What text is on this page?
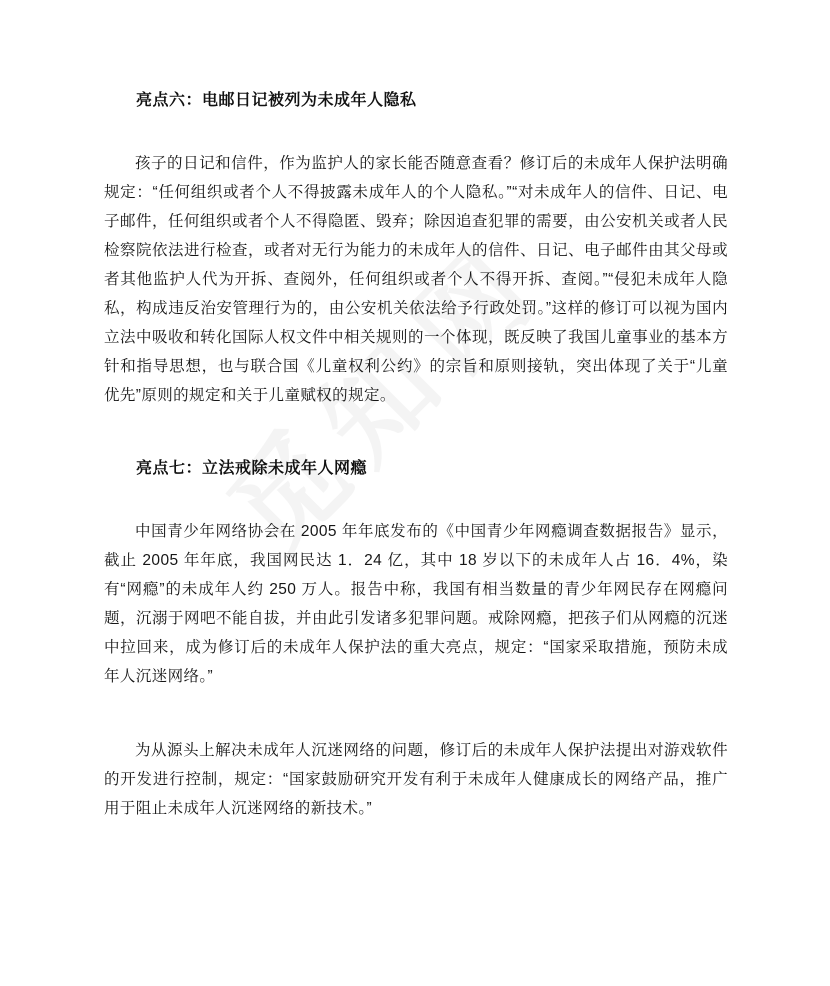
亮点六：电邮日记被列为未成年人隐私

孩子的日记和信件，作为监护人的家长能否随意查看？修订后的未成年人保护法明确规定：“任何组织或者个人不得披露未成年人的个人隐私。”“对未成年人的信件、日记、电子邮件，任何组织或者个人不得隐匿、毁弃；除因追查犯罪的需要，由公安机关或者人民检察院依法进行检查，或者对无行为能力的未成年人的信件、日记、电子邮件由其父母或者其他监护人代为开拆、查阅外，任何组织或者个人不得开拆、查阅。”“侵犯未成年人隐私，构成违反治安管理行为的，由公安机关依法给予行政处罚。”这样的修订可以视为国内立法中吸收和转化国际人权文件中相关规则的一个体现，既反映了我国儿童事业的基本方针和指导思想，也与联合国《儿童权利公约》的宗旨和原则接轨，突出体现了关于“儿童优先”原则的规定和关于儿童赋权的规定。

亮点七：立法戒除未成年人网瘾

中国青少年网络协会在 2005 年年底发布的《中国青少年网瘾调查数据报告》显示，截止 2005 年年底，我国网民达 1．24 亿，其中 18 岁以下的未成年人占 16．4%，染有“网瘾”的未成年人约 250 万人。报告中称，我国有相当数量的青少年网民存在网瘾问题，沉溺于网吧不能自拔，并由此引发诸多犯罪问题。戒除网瘾，把孩子们从网瘾的沉迷中拉回来，成为修订后的未成年人保护法的重大亮点，规定：“国家采取措施，预防未成年人沉迷网络。”

为从源头上解决未成年人沉迷网络的问题，修订后的未成年人保护法提出对游戏软件的开发进行控制，规定：“国家鼓励研究开发有利于未成年人健康成长的网络产品，推广用于阻止未成年人沉迷网络的新技术。”
